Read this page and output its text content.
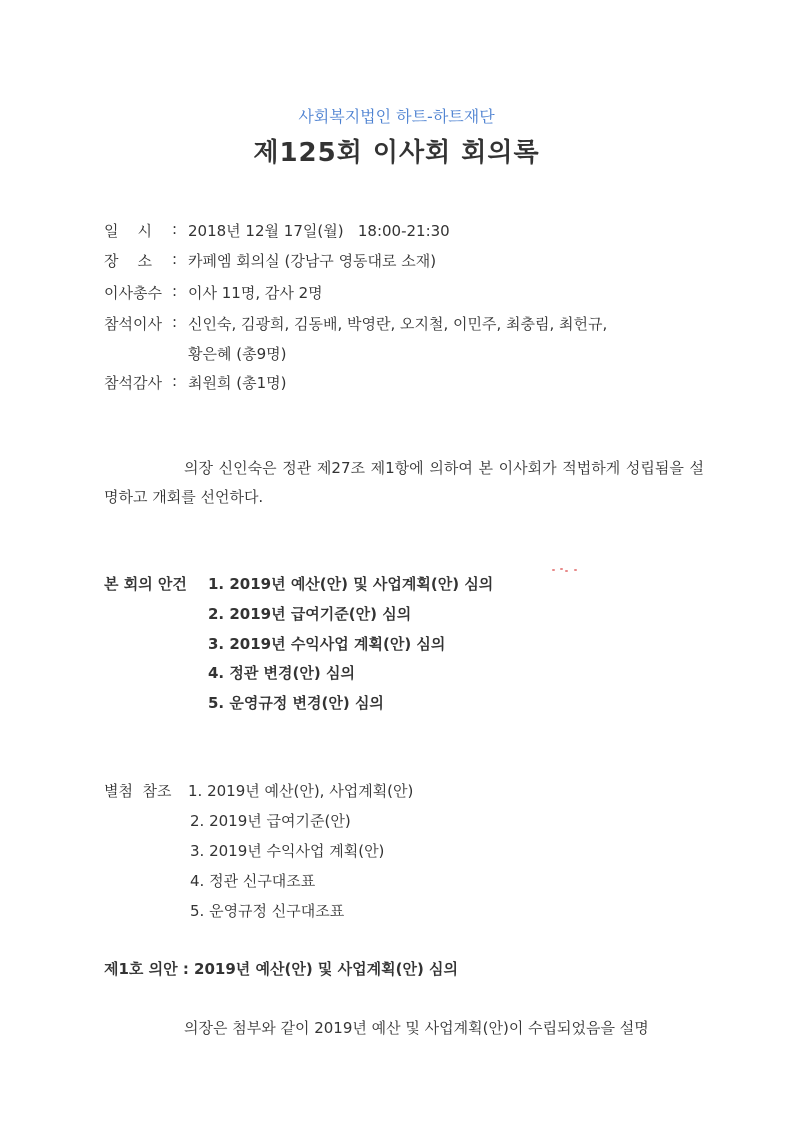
사회복지법인 하트-하트재단
제125회 이사회 회의록
일    시 : 2018년 12월 17일(월)   18:00-21:30
장    소 : 카페엠 회의실 (강남구 영동대로 소재)
이사총수 : 이사 11명, 감사 2명
참석이사 : 신인숙, 김광희, 김동배, 박영란, 오지철, 이민주, 최충림, 최헌규,
황은혜 (총9명)
참석감사 : 최원희 (총1명)
의장 신인숙은 정관 제27조 제1항에 의하여 본 이사회가 적법하게 성립됨을 설명하고 개회를 선언하다.
본 회의 안건 1. 2019년 예산(안) 및 사업계획(안) 심의
2. 2019년 급여기준(안) 심의
3. 2019년 수익사업 계획(안) 심의
4. 정관 변경(안) 심의
5. 운영규정 변경(안) 심의
별첨  참조 1. 2019년 예산(안), 사업계획(안)
2. 2019년 급여기준(안)
3. 2019년 수익사업 계획(안)
4. 정관 신구대조표
5. 운영규정 신구대조표
제1호 의안 : 2019년 예산(안) 및 사업계획(안) 심의
의장은 첨부와 같이 2019년 예산 및 사업계획(안)이 수립되었음을 설명
